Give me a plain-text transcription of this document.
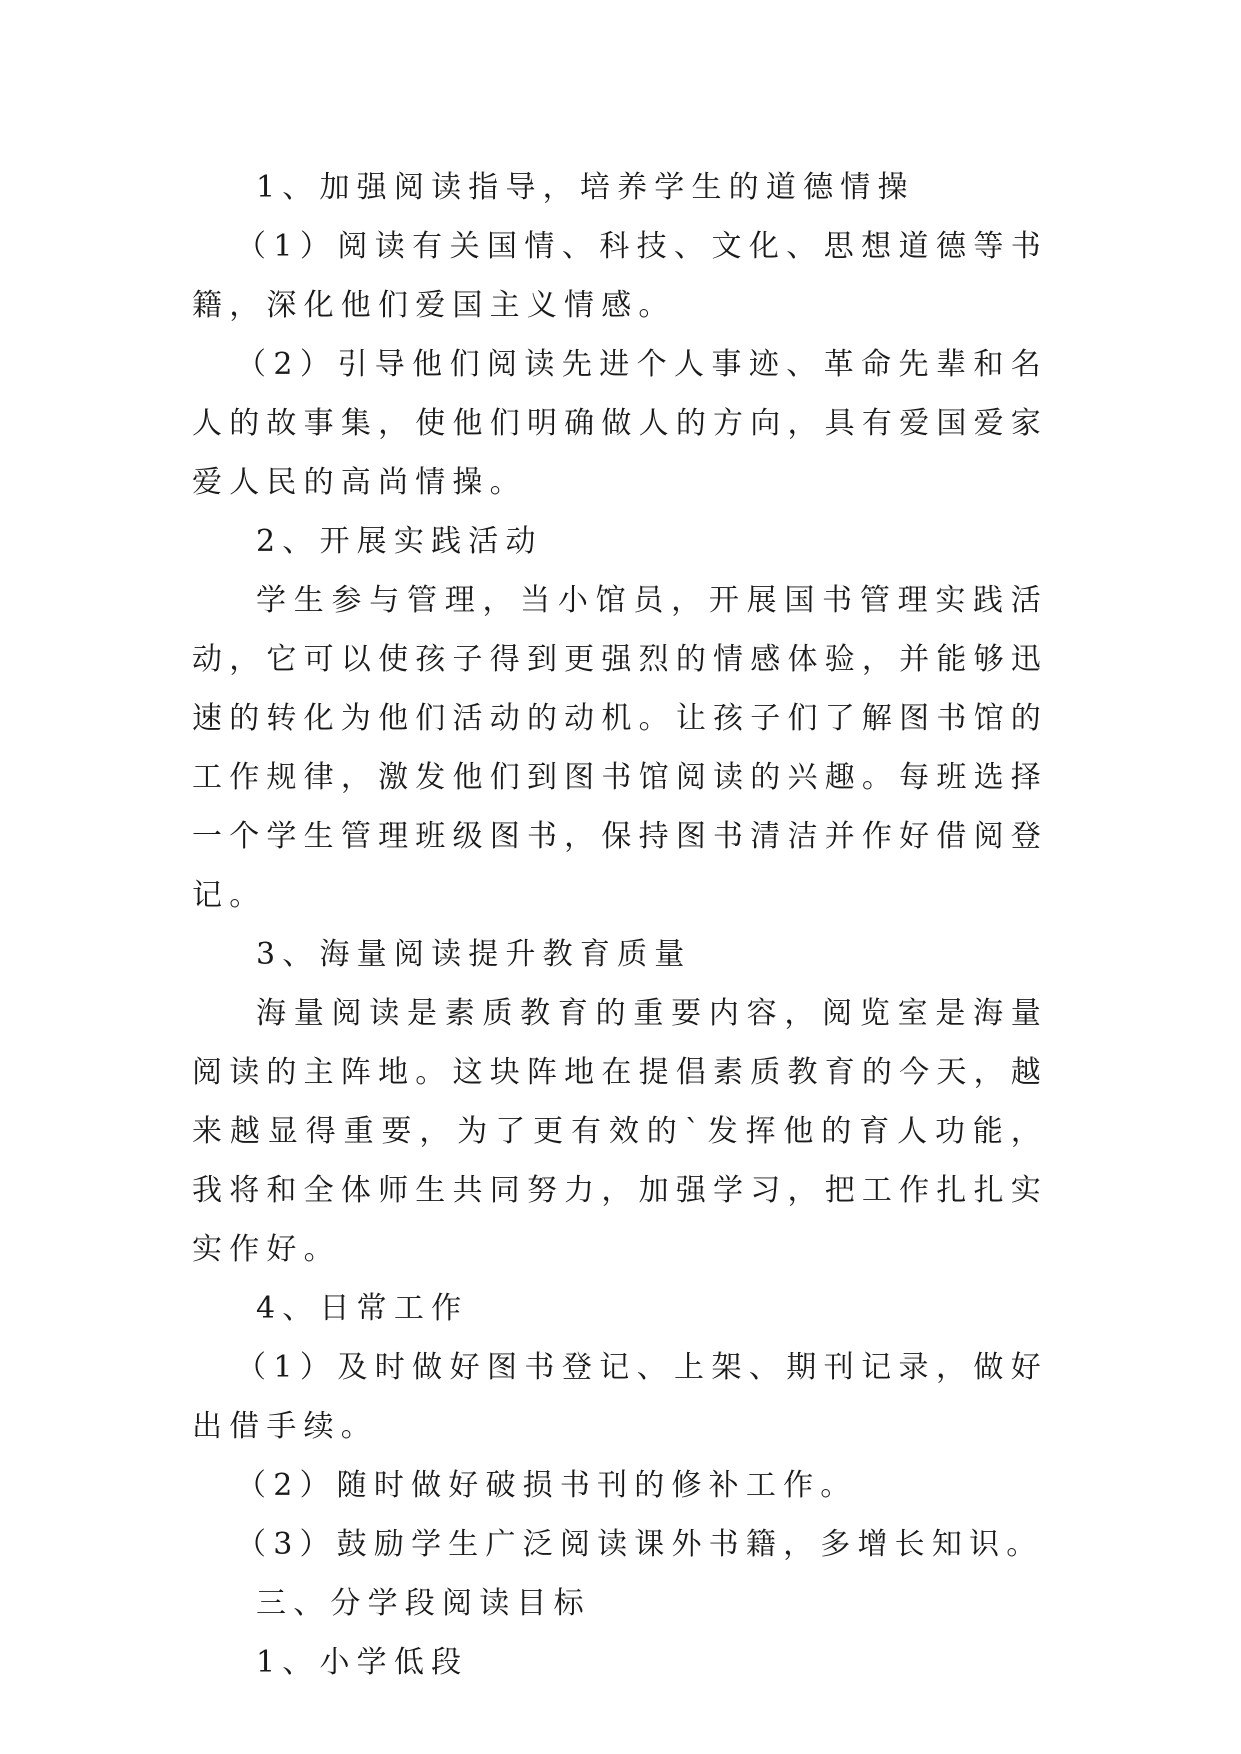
1、加强阅读指导，培养学生的道德情操

（1）阅读有关国情、科技、文化、思想道德等书籍，深化他们爱国主义情感。

（2）引导他们阅读先进个人事迹、革命先辈和名人的故事集，使他们明确做人的方向，具有爱国爱家爱人民的高尚情操。

2、开展实践活动

学生参与管理，当小馆员，开展国书管理实践活动，它可以使孩子得到更强烈的情感体验，并能够迅速的转化为他们活动的动机。让孩子们了解图书馆的工作规律，激发他们到图书馆阅读的兴趣。每班选择一个学生管理班级图书，保持图书清洁并作好借阅登记。

3、海量阅读提升教育质量

海量阅读是素质教育的重要内容，阅览室是海量阅读的主阵地。这块阵地在提倡素质教育的今天，越来越显得重要，为了更有效的`发挥他的育人功能，我将和全体师生共同努力，加强学习，把工作扎扎实实作好。

4、日常工作

（1）及时做好图书登记、上架、期刊记录，做好出借手续。

（2）随时做好破损书刊的修补工作。

（3）鼓励学生广泛阅读课外书籍，多增长知识。

三、分学段阅读目标

1、小学低段
